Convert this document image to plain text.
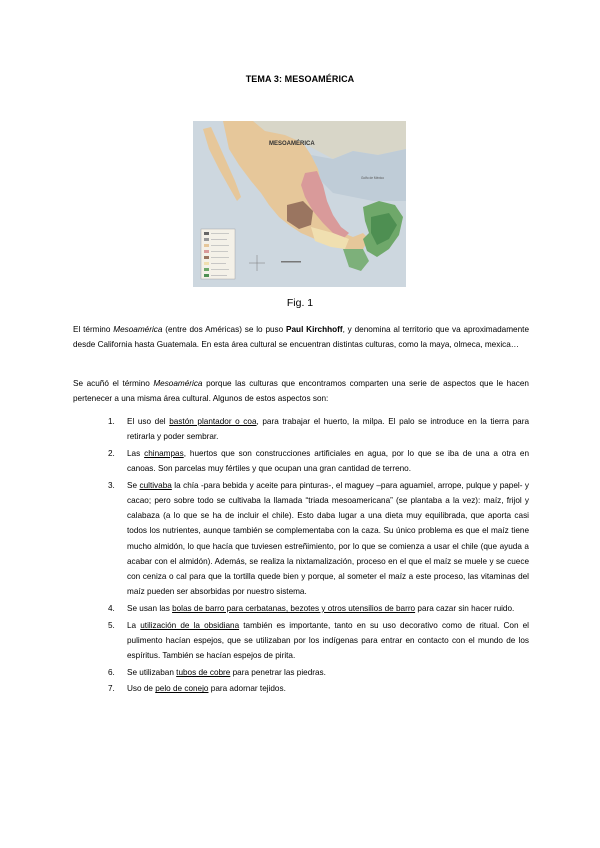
TEMA 3: MESOAMÉRICA
MESOAMÉRICA
Golfo de México
Fig. 1
El término Mesoamérica (entre dos Américas) se lo puso Paul Kirchhoff, y denomina al territorio que va aproximadamente desde California hasta Guatemala. En esta área cultural se encuentran distintas culturas, como la maya, olmeca, mexica…
Se acuñó el término Mesoamérica porque las culturas que encontramos comparten una serie de aspectos que le hacen pertenecer a una misma área cultural. Algunos de estos aspectos son:
1. El uso del bastón plantador o coa, para trabajar el huerto, la milpa. El palo se introduce en la tierra para retirarla y poder sembrar.
2. Las chinampas, huertos que son construcciones artificiales en agua, por lo que se iba de una a otra en canoas. Son parcelas muy fértiles y que ocupan una gran cantidad de terreno.
3. Se cultivaba la chía -para bebida y aceite para pinturas-, el maguey –para aguamiel, arrope, pulque y papel- y cacao; pero sobre todo se cultivaba la llamada “triada mesoamericana” (se plantaba a la vez): maíz, frijol y calabaza (a lo que se ha de incluir el chile). Esto daba lugar a una dieta muy equilibrada, que aporta casi todos los nutrientes, aunque también se complementaba con la caza. Su único problema es que el maíz tiene mucho almidón, lo que hacía que tuviesen estreñimiento, por lo que se comienza a usar el chile (que ayuda a acabar con el almidón). Además, se realiza la nixtamalización, proceso en el que el maíz se muele y se cuece con ceniza o cal para que la tortilla quede bien y porque, al someter el maíz a este proceso, las vitaminas del maíz pueden ser absorbidas por nuestro sistema.
4. Se usan las bolas de barro para cerbatanas, bezotes y otros utensilios de barro para cazar sin hacer ruido.
5. La utilización de la obsidiana también es importante, tanto en su uso decorativo como de ritual. Con el pulimento hacían espejos, que se utilizaban por los indígenas para entrar en contacto con el mundo de los espíritus. También se hacían espejos de pirita.
6. Se utilizaban tubos de cobre para penetrar las piedras.
7. Uso de pelo de conejo para adornar tejidos.
